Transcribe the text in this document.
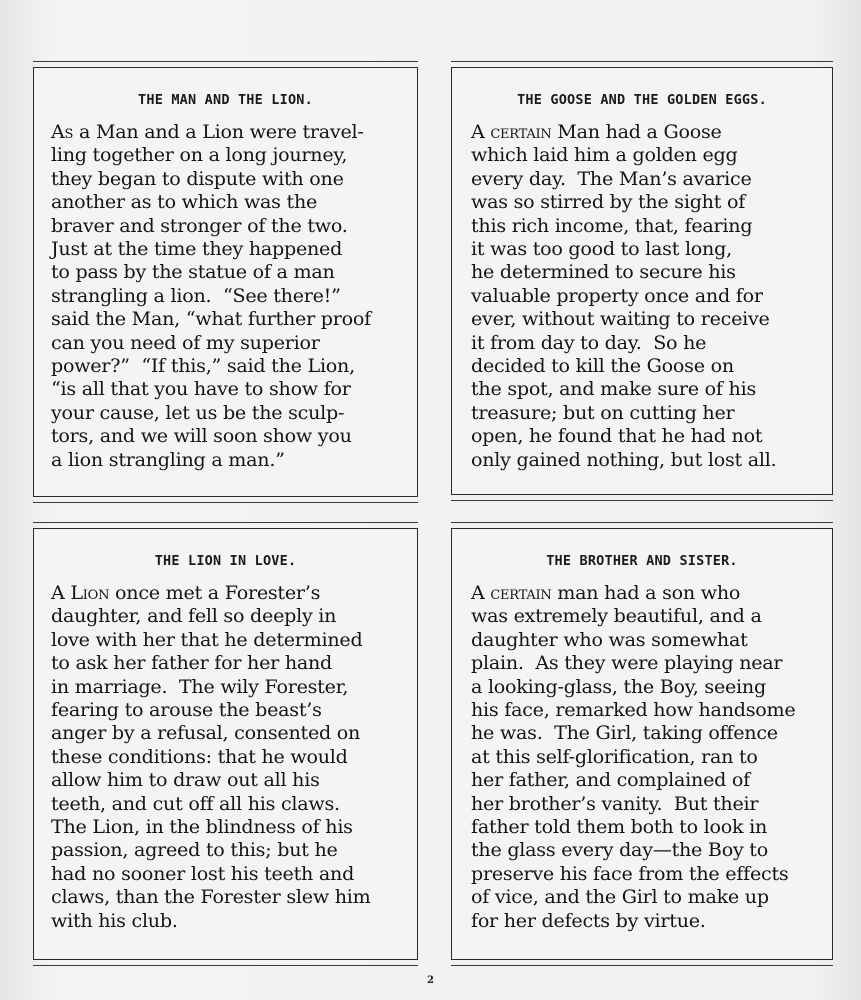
THE MAN AND THE LION.

As a Man and a Lion were travel-
ling together on a long journey,
they began to dispute with one
another as to which was the
braver and stronger of the two.
Just at the time they happened
to pass by the statue of a man
strangling a lion.  “See there!”
said the Man, “what further proof
can you need of my superior
power?”  “If this,” said the Lion,
“is all that you have to show for
your cause, let us be the sculp-
tors, and we will soon show you
a lion strangling a man.”

THE GOOSE AND THE GOLDEN EGGS.

A certain Man had a Goose
which laid him a golden egg
every day.  The Man’s avarice
was so stirred by the sight of
this rich income, that, fearing
it was too good to last long,
he determined to secure his
valuable property once and for
ever, without waiting to receive
it from day to day.  So he
decided to kill the Goose on
the spot, and make sure of his
treasure; but on cutting her
open, he found that he had not
only gained nothing, but lost all.

THE LION IN LOVE.

A Lion once met a Forester’s
daughter, and fell so deeply in
love with her that he determined
to ask her father for her hand
in marriage.  The wily Forester,
fearing to arouse the beast’s
anger by a refusal, consented on
these conditions: that he would
allow him to draw out all his
teeth, and cut off all his claws.
The Lion, in the blindness of his
passion, agreed to this; but he
had no sooner lost his teeth and
claws, than the Forester slew him
with his club.

THE BROTHER AND SISTER.

A certain man had a son who
was extremely beautiful, and a
daughter who was somewhat
plain.  As they were playing near
a looking-glass, the Boy, seeing
his face, remarked how handsome
he was.  The Girl, taking offence
at this self-glorification, ran to
her father, and complained of
her brother’s vanity.  But their
father told them both to look in
the glass every day—the Boy to
preserve his face from the effects
of vice, and the Girl to make up
for her defects by virtue.

2
